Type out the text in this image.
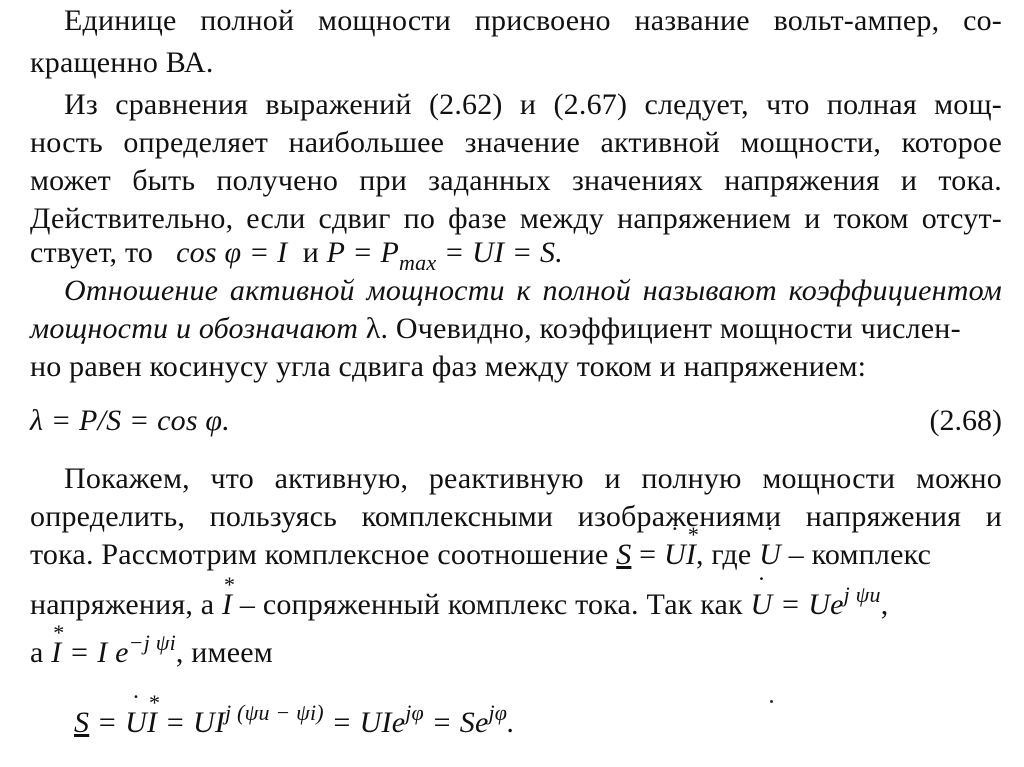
Единице полной мощности присвоено название вольт-ампер, со-
кращенно ВА.
Из сравнения выражений (2.62) и (2.67) следует, что полная мощ-
ность определяет наибольшее значение активной мощности, которое
может быть получено при заданных значениях напряжения и тока.
Действительно, если сдвиг по фазе между напряжением и током отсут-
ствует, то cos φ = I и $P = P_{max}$ = UI = S.
Отношение активной мощности к полной называют коэффициентом
мощности и обозначают λ. Очевидно, коэффициент мощности числен-
но равен косинусу угла сдвига фаз между током и напряжением:
λ = P/S = cos φ.	(2.68)
Покажем, что активную, реактивную и полную мощности можно
определить, пользуясь комплексными изображениями напряжения и
тока. Рассмотрим комплексное соотношение S = U ˙I *, где U ˙ – комплекс
напряжения, а I * – сопряженный комплекс тока. Так как U ˙ = $Ue^{j \psi u}$,
а I * = I $e^{-j \psi i}$, имеем
S = U ˙I * = $UI^{j (\psi u - \psi i)} = UIe^{j\varphi} = Se^{j\varphi}$.
